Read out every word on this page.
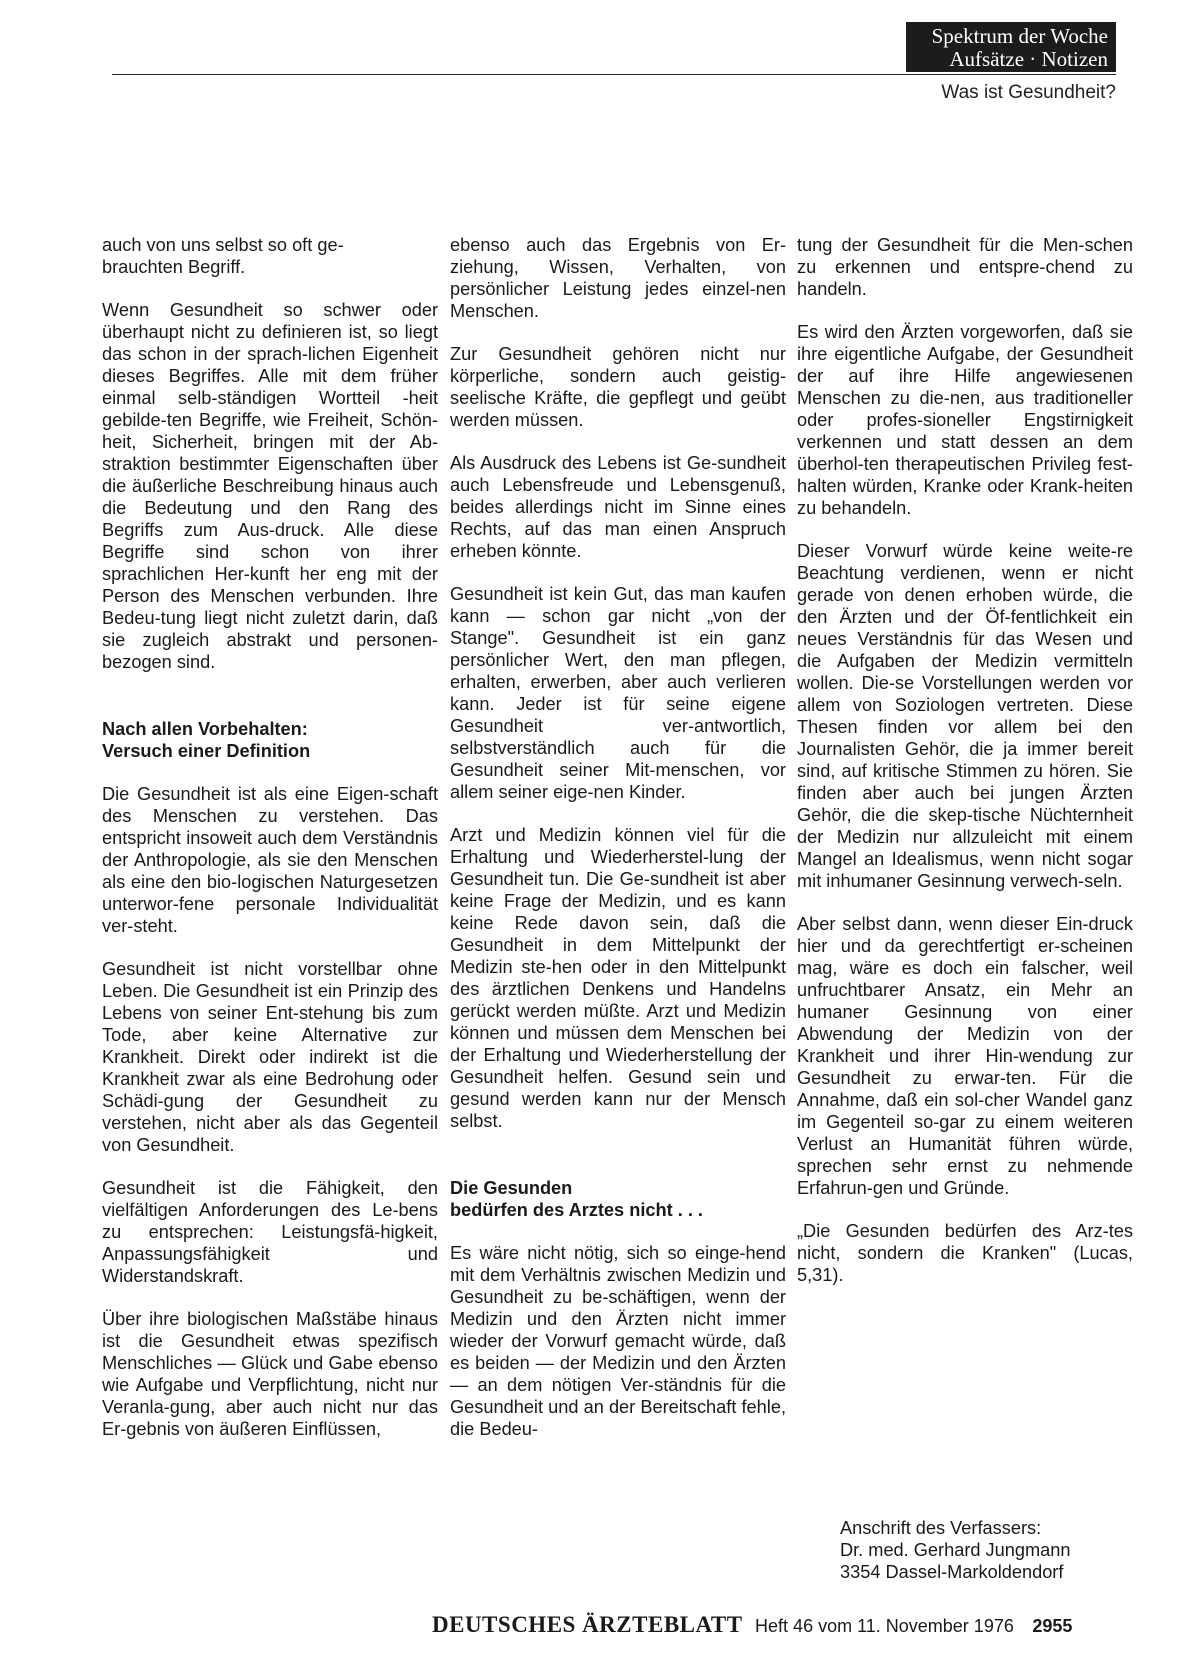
Spektrum der Woche
Aufsätze · Notizen
Was ist Gesundheit?

auch von uns selbst so oft ge-
brauchten Begriff.

Wenn Gesundheit so schwer oder überhaupt nicht zu definieren ist, so liegt das schon in der sprach-lichen Eigenheit dieses Begriffes. Alle mit dem früher einmal selb-ständigen Wortteil -heit gebilde-ten Begriffe, wie Freiheit, Schön-heit, Sicherheit, bringen mit der Ab-straktion bestimmter Eigenschaften über die äußerliche Beschreibung hinaus auch die Bedeutung und den Rang des Begriffs zum Aus-druck. Alle diese Begriffe sind schon von ihrer sprachlichen Her-kunft her eng mit der Person des Menschen verbunden. Ihre Bedeu-tung liegt nicht zuletzt darin, daß sie zugleich abstrakt und personen-bezogen sind.

Nach allen Vorbehalten:
Versuch einer Definition

Die Gesundheit ist als eine Eigen-schaft des Menschen zu verstehen. Das entspricht insoweit auch dem Verständnis der Anthropologie, als sie den Menschen als eine den bio-logischen Naturgesetzen unterwor-fene personale Individualität ver-steht.

Gesundheit ist nicht vorstellbar ohne Leben. Die Gesundheit ist ein Prinzip des Lebens von seiner Ent-stehung bis zum Tode, aber keine Alternative zur Krankheit. Direkt oder indirekt ist die Krankheit zwar als eine Bedrohung oder Schädi-gung der Gesundheit zu verstehen, nicht aber als das Gegenteil von Gesundheit.

Gesundheit ist die Fähigkeit, den vielfältigen Anforderungen des Le-bens zu entsprechen: Leistungsfä-higkeit, Anpassungsfähigkeit und Widerstandskraft.

Über ihre biologischen Maßstäbe hinaus ist die Gesundheit etwas spezifisch Menschliches — Glück und Gabe ebenso wie Aufgabe und Verpflichtung, nicht nur Veranla-gung, aber auch nicht nur das Er-gebnis von äußeren Einflüssen,

ebenso auch das Ergebnis von Er-ziehung, Wissen, Verhalten, von persönlicher Leistung jedes einzel-nen Menschen.

Zur Gesundheit gehören nicht nur körperliche, sondern auch geistig-seelische Kräfte, die gepflegt und geübt werden müssen.

Als Ausdruck des Lebens ist Ge-sundheit auch Lebensfreude und Lebensgenuß, beides allerdings nicht im Sinne eines Rechts, auf das man einen Anspruch erheben könnte.

Gesundheit ist kein Gut, das man kaufen kann — schon gar nicht „von der Stange". Gesundheit ist ein ganz persönlicher Wert, den man pflegen, erhalten, erwerben, aber auch verlieren kann. Jeder ist für seine eigene Gesundheit ver-antwortlich, selbstverständlich auch für die Gesundheit seiner Mit-menschen, vor allem seiner eige-nen Kinder.

Arzt und Medizin können viel für die Erhaltung und Wiederherstel-lung der Gesundheit tun. Die Ge-sundheit ist aber keine Frage der Medizin, und es kann keine Rede davon sein, daß die Gesundheit in dem Mittelpunkt der Medizin ste-hen oder in den Mittelpunkt des ärztlichen Denkens und Handelns gerückt werden müßte. Arzt und Medizin können und müssen dem Menschen bei der Erhaltung und Wiederherstellung der Gesundheit helfen. Gesund sein und gesund werden kann nur der Mensch selbst.

Die Gesunden
bedürfen des Arztes nicht . . .

Es wäre nicht nötig, sich so einge-hend mit dem Verhältnis zwischen Medizin und Gesundheit zu be-schäftigen, wenn der Medizin und den Ärzten nicht immer wieder der Vorwurf gemacht würde, daß es beiden — der Medizin und den Ärzten — an dem nötigen Ver-ständnis für die Gesundheit und an der Bereitschaft fehle, die Bedeu-

tung der Gesundheit für die Men-schen zu erkennen und entspre-chend zu handeln.

Es wird den Ärzten vorgeworfen, daß sie ihre eigentliche Aufgabe, der Gesundheit der auf ihre Hilfe angewiesenen Menschen zu die-nen, aus traditioneller oder profes-sioneller Engstirnigkeit verkennen und statt dessen an dem überhol-ten therapeutischen Privileg fest-halten würden, Kranke oder Krank-heiten zu behandeln.

Dieser Vorwurf würde keine weite-re Beachtung verdienen, wenn er nicht gerade von denen erhoben würde, die den Ärzten und der Öf-fentlichkeit ein neues Verständnis für das Wesen und die Aufgaben der Medizin vermitteln wollen. Die-se Vorstellungen werden vor allem von Soziologen vertreten. Diese Thesen finden vor allem bei den Journalisten Gehör, die ja immer bereit sind, auf kritische Stimmen zu hören. Sie finden aber auch bei jungen Ärzten Gehör, die die skep-tische Nüchternheit der Medizin nur allzuleicht mit einem Mangel an Idealismus, wenn nicht sogar mit inhumaner Gesinnung verwech-seln.

Aber selbst dann, wenn dieser Ein-druck hier und da gerechtfertigt er-scheinen mag, wäre es doch ein falscher, weil unfruchtbarer Ansatz, ein Mehr an humaner Gesinnung von einer Abwendung der Medizin von der Krankheit und ihrer Hin-wendung zur Gesundheit zu erwar-ten. Für die Annahme, daß ein sol-cher Wandel ganz im Gegenteil so-gar zu einem weiteren Verlust an Humanität führen würde, sprechen sehr ernst zu nehmende Erfahrun-gen und Gründe.

„Die Gesunden bedürfen des Arz-tes nicht, sondern die Kranken" (Lucas, 5,31).

Anschrift des Verfassers:
Dr. med. Gerhard Jungmann
3354 Dassel-Markoldendorf
DEUTSCHES ÄRZTEBLATT Heft 46 vom 11. November 1976 2955
